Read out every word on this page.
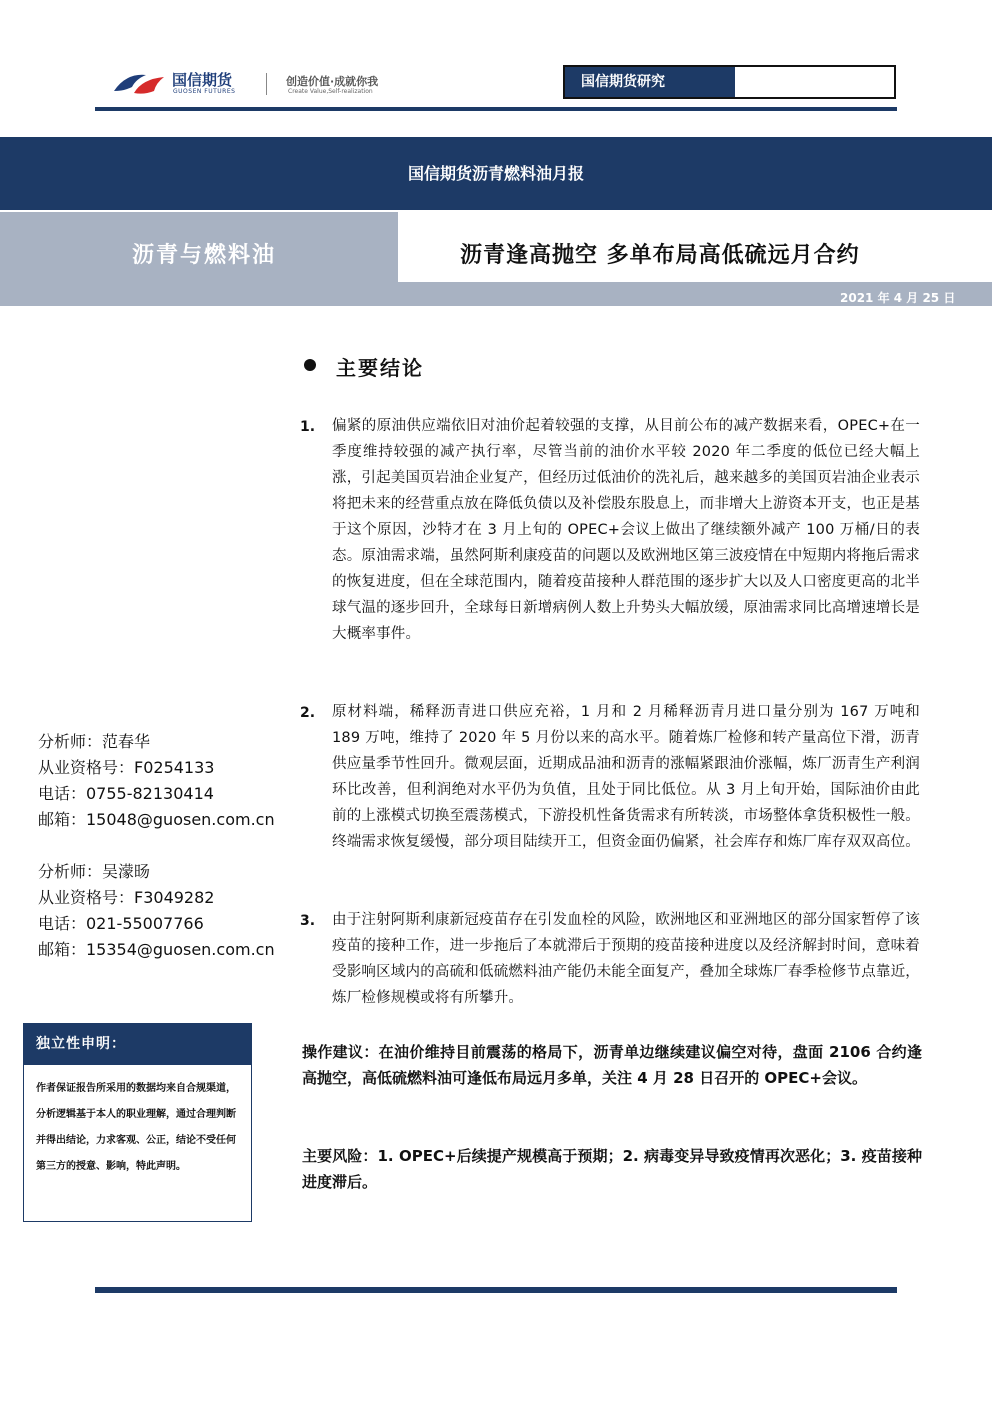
国信期货
GUOSEN FUTURES
创造价值·成就你我
Create Value,Self-realization
国信期货研究
国信期货沥青燃料油月报
沥青与燃料油	沥青逢高抛空 多单布局高低硫远月合约
2021 年 4 月 25 日
主要结论
1. 偏紧的原油供应端依旧对油价起着较强的支撑，从目前公布的减产数据来看，OPEC+在一季度维持较强的减产执行率，尽管当前的油价水平较 2020 年二季度的低位已经大幅上涨，引起美国页岩油企业复产，但经历过低油价的洗礼后，越来越多的美国页岩油企业表示将把未来的经营重点放在降低负债以及补偿股东股息上，而非增大上游资本开支，也正是基于这个原因，沙特才在 3 月上旬的 OPEC+会议上做出了继续额外减产 100 万桶/日的表态。原油需求端，虽然阿斯利康疫苗的问题以及欧洲地区第三波疫情在中短期内将拖后需求的恢复进度，但在全球范围内，随着疫苗接种人群范围的逐步扩大以及人口密度更高的北半球气温的逐步回升，全球每日新增病例人数上升势头大幅放缓，原油需求同比高增速增长是大概率事件。
2. 原材料端，稀释沥青进口供应充裕，1 月和 2 月稀释沥青月进口量分别为 167 万吨和 189 万吨，维持了 2020 年 5 月份以来的高水平。随着炼厂检修和转产量高位下滑，沥青供应量季节性回升。微观层面，近期成品油和沥青的涨幅紧跟油价涨幅，炼厂沥青生产利润环比改善，但利润绝对水平仍为负值，且处于同比低位。从 3 月上旬开始，国际油价由此前的上涨模式切换至震荡模式，下游投机性备货需求有所转淡，市场整体拿货积极性一般。终端需求恢复缓慢，部分项目陆续开工，但资金面仍偏紧，社会库存和炼厂库存双双高位。
3. 由于注射阿斯利康新冠疫苗存在引发血栓的风险，欧洲地区和亚洲地区的部分国家暂停了该疫苗的接种工作，进一步拖后了本就滞后于预期的疫苗接种进度以及经济解封时间，意味着受影响区域内的高硫和低硫燃料油产能仍未能全面复产，叠加全球炼厂春季检修节点靠近，炼厂检修规模或将有所攀升。
分析师：范春华
从业资格号：F0254133
电话：0755-82130414
邮箱：15048@guosen.com.cn
分析师：吴濛旸
从业资格号：F3049282
电话：021-55007766
邮箱：15354@guosen.com.cn
独立性申明：
作者保证报告所采用的数据均来自合规渠道，分析逻辑基于本人的职业理解，通过合理判断 并得出结论，力求客观、公正，结论不受任何第三方的授意、影响，特此声明。
操作建议：在油价维持目前震荡的格局下，沥青单边继续建议偏空对待，盘面 2106 合约逢高抛空，高低硫燃料油可逢低布局远月多单，关注 4 月 28 日召开的 OPEC+会议。
主要风险：1. OPEC+后续提产规模高于预期；2. 病毒变异导致疫情再次恶化；3. 疫苗接种进度滞后。
